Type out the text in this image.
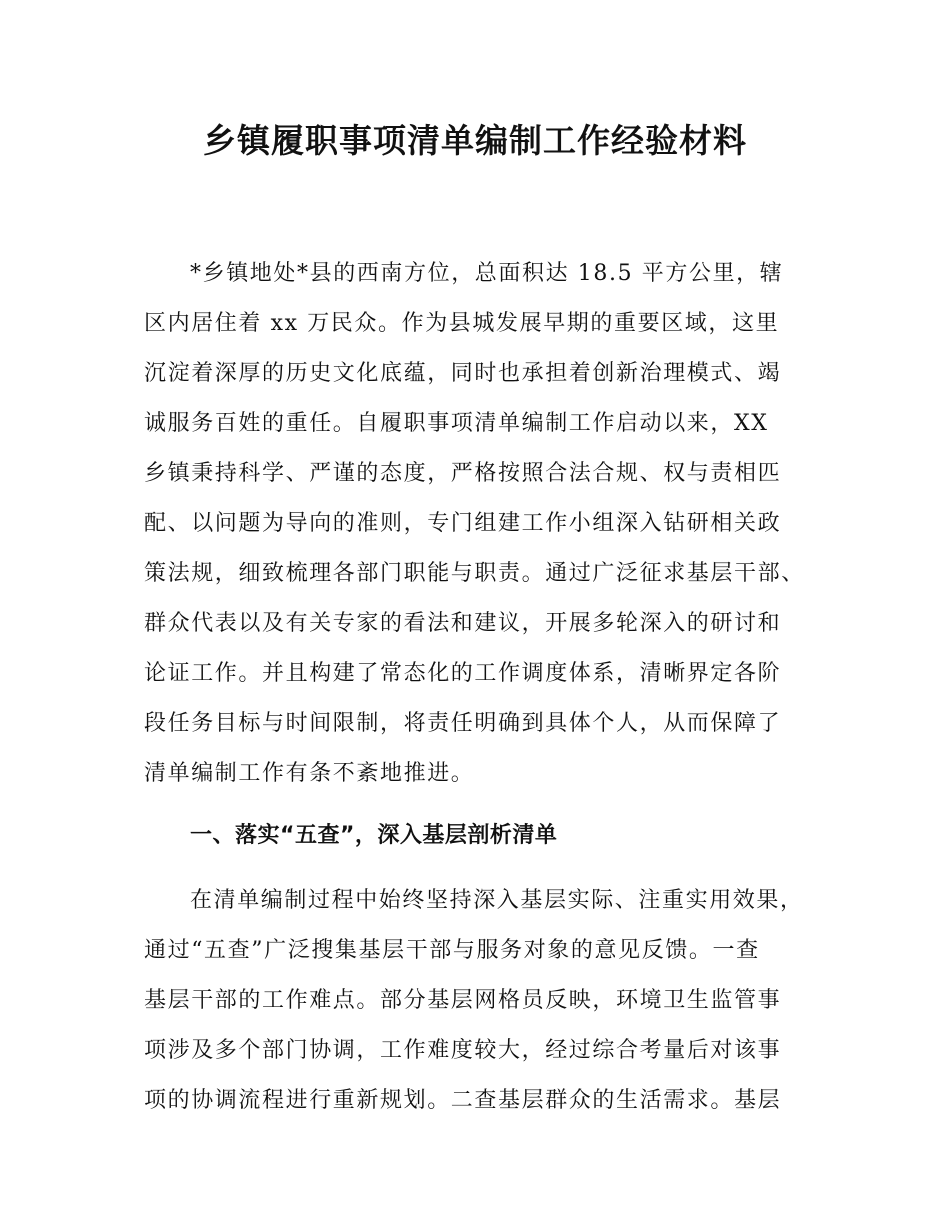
乡镇履职事项清单编制工作经验材料
*乡镇地处*县的西南方位，总面积达 18.5 平方公里，辖
区内居住着 xx 万民众。作为县城发展早期的重要区域，这里
沉淀着深厚的历史文化底蕴，同时也承担着创新治理模式、竭
诚服务百姓的重任。自履职事项清单编制工作启动以来，XX
乡镇秉持科学、严谨的态度，严格按照合法合规、权与责相匹
配、以问题为导向的准则，专门组建工作小组深入钻研相关政
策法规，细致梳理各部门职能与职责。通过广泛征求基层干部、
群众代表以及有关专家的看法和建议，开展多轮深入的研讨和
论证工作。并且构建了常态化的工作调度体系，清晰界定各阶
段任务目标与时间限制，将责任明确到具体个人，从而保障了
清单编制工作有条不紊地推进。
一、落实“五查”，深入基层剖析清单
在清单编制过程中始终坚持深入基层实际、注重实用效果，
通过“五查”广泛搜集基层干部与服务对象的意见反馈。一查
基层干部的工作难点。部分基层网格员反映，环境卫生监管事
项涉及多个部门协调，工作难度较大，经过综合考量后对该事
项的协调流程进行重新规划。二查基层群众的生活需求。基层
